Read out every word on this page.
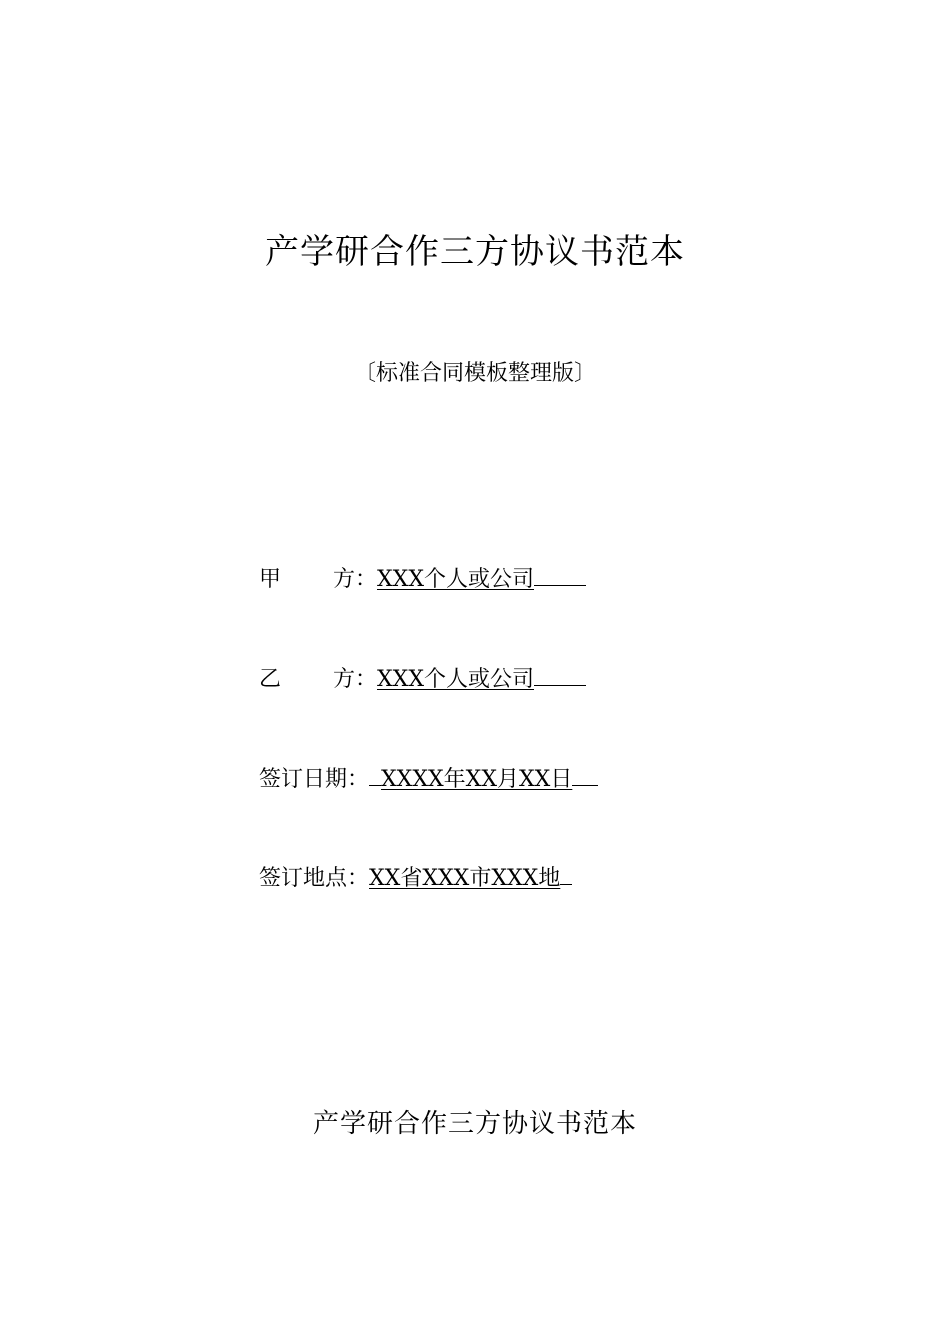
产学研合作三方协议书范本
〔标准合同模板整理版〕
甲 方： XXX个人或公司
乙 方： XXX个人或公司
签订日期： XXXX年XX月XX日
签订地点：XX省XXX市XXX地
产学研合作三方协议书范本
